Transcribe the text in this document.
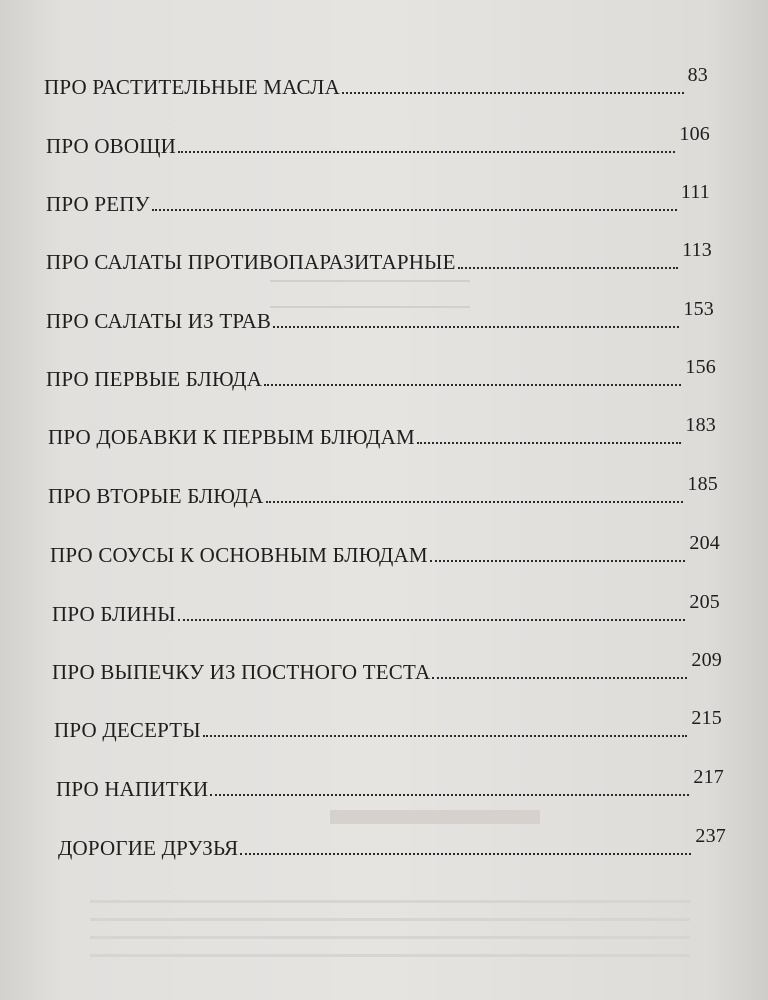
ПРО РАСТИТЕЛЬНЫЕ МАСЛА	83
ПРО ОВОЩИ	106
ПРО РЕПУ	111
ПРО САЛАТЫ ПРОТИВОПАРАЗИТАРНЫЕ	113
ПРО САЛАТЫ ИЗ ТРАВ	153
ПРО ПЕРВЫЕ БЛЮДА	156
ПРО ДОБАВКИ К ПЕРВЫМ БЛЮДАМ	183
ПРО ВТОРЫЕ БЛЮДА	185
ПРО СОУСЫ К ОСНОВНЫМ БЛЮДАМ	204
ПРО БЛИНЫ	205
ПРО ВЫПЕЧКУ ИЗ ПОСТНОГО ТЕСТА	209
ПРО ДЕСЕРТЫ	215
ПРО НАПИТКИ	217
ДОРОГИЕ ДРУЗЬЯ	237
